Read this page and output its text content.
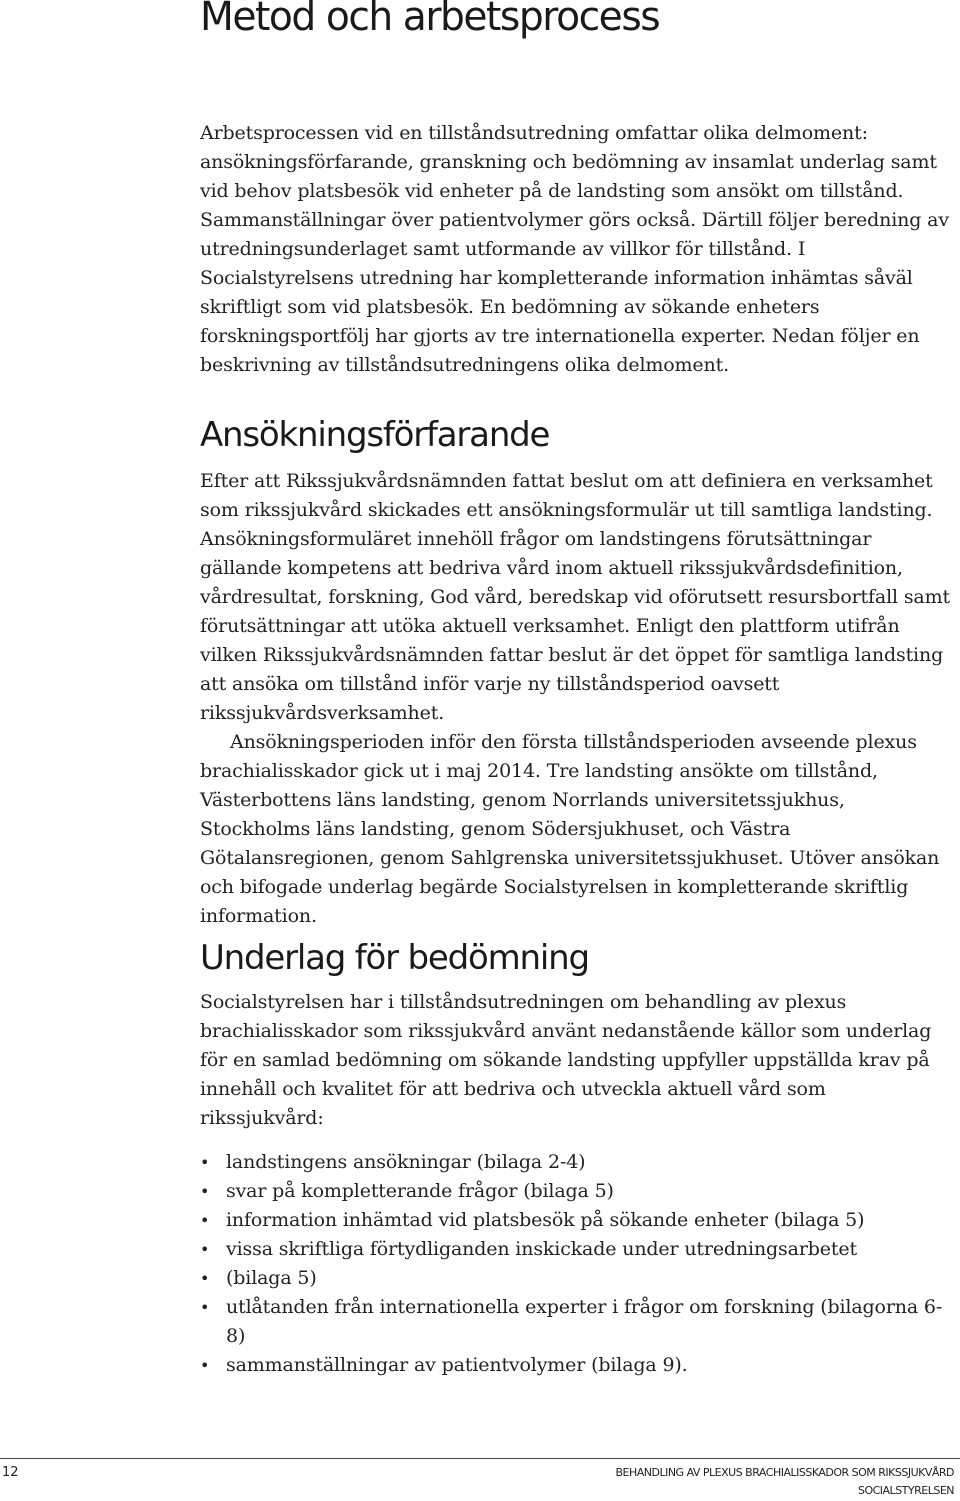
Metod och arbetsprocess

Arbetsprocessen vid en tillståndsutredning omfattar olika delmoment: ansökningsförfarande, granskning och bedömning av insamlat underlag samt vid behov platsbesök vid enheter på de landsting som ansökt om tillstånd. Sammanställningar över patientvolymer görs också. Därtill följer beredning av utredningsunderlaget samt utformande av villkor för tillstånd. I Socialstyrelsens utredning har kompletterande information inhämtas såväl skriftligt som vid platsbesök. En bedömning av sökande enheters forskningsportfölj har gjorts av tre internationella experter. Nedan följer en beskrivning av tillståndsutredningens olika delmoment.

Ansökningsförfarande

Efter att Rikssjukvårdsnämnden fattat beslut om att definiera en verksamhet som rikssjukvård skickades ett ansökningsformulär ut till samtliga landsting. Ansökningsformuläret innehöll frågor om landstingens förutsättningar gällande kompetens att bedriva vård inom aktuell rikssjukvårdsdefinition, vårdresultat, forskning, God vård, beredskap vid oförutsett resursbortfall samt förutsättningar att utöka aktuell verksamhet. Enligt den plattform utifrån vilken Rikssjukvårdsnämnden fattar beslut är det öppet för samtliga landsting att ansöka om tillstånd inför varje ny tillståndsperiod oavsett rikssjukvårdsverksamhet.

Ansökningsperioden inför den första tillståndsperioden avseende plexus brachialisskador gick ut i maj 2014. Tre landsting ansökte om tillstånd, Västerbottens läns landsting, genom Norrlands universitetssjukhus, Stockholms läns landsting, genom Södersjukhuset, och Västra Götalansregionen, genom Sahlgrenska universitetssjukhuset. Utöver ansökan och bifogade underlag begärde Socialstyrelsen in kompletterande skriftlig information.

Underlag för bedömning

Socialstyrelsen har i tillståndsutredningen om behandling av plexus brachialisskador som rikssjukvård använt nedanstående källor som underlag för en samlad bedömning om sökande landsting uppfyller uppställda krav på innehåll och kvalitet för att bedriva och utveckla aktuell vård som rikssjukvård:

• landstingens ansökningar (bilaga 2-4)
• svar på kompletterande frågor (bilaga 5)
• information inhämtad vid platsbesök på sökande enheter (bilaga 5)
• vissa skriftliga förtydliganden inskickade under utredningsarbetet
• (bilaga 5)
• utlåtanden från internationella experter i frågor om forskning (bilagorna 6-8)
• sammanställningar av patientvolymer (bilaga 9).
12	BEHANDLING AV PLEXUS BRACHIALISSKADOR SOM RIKSSJUKVÅRD
SOCIALSTYRELSEN
